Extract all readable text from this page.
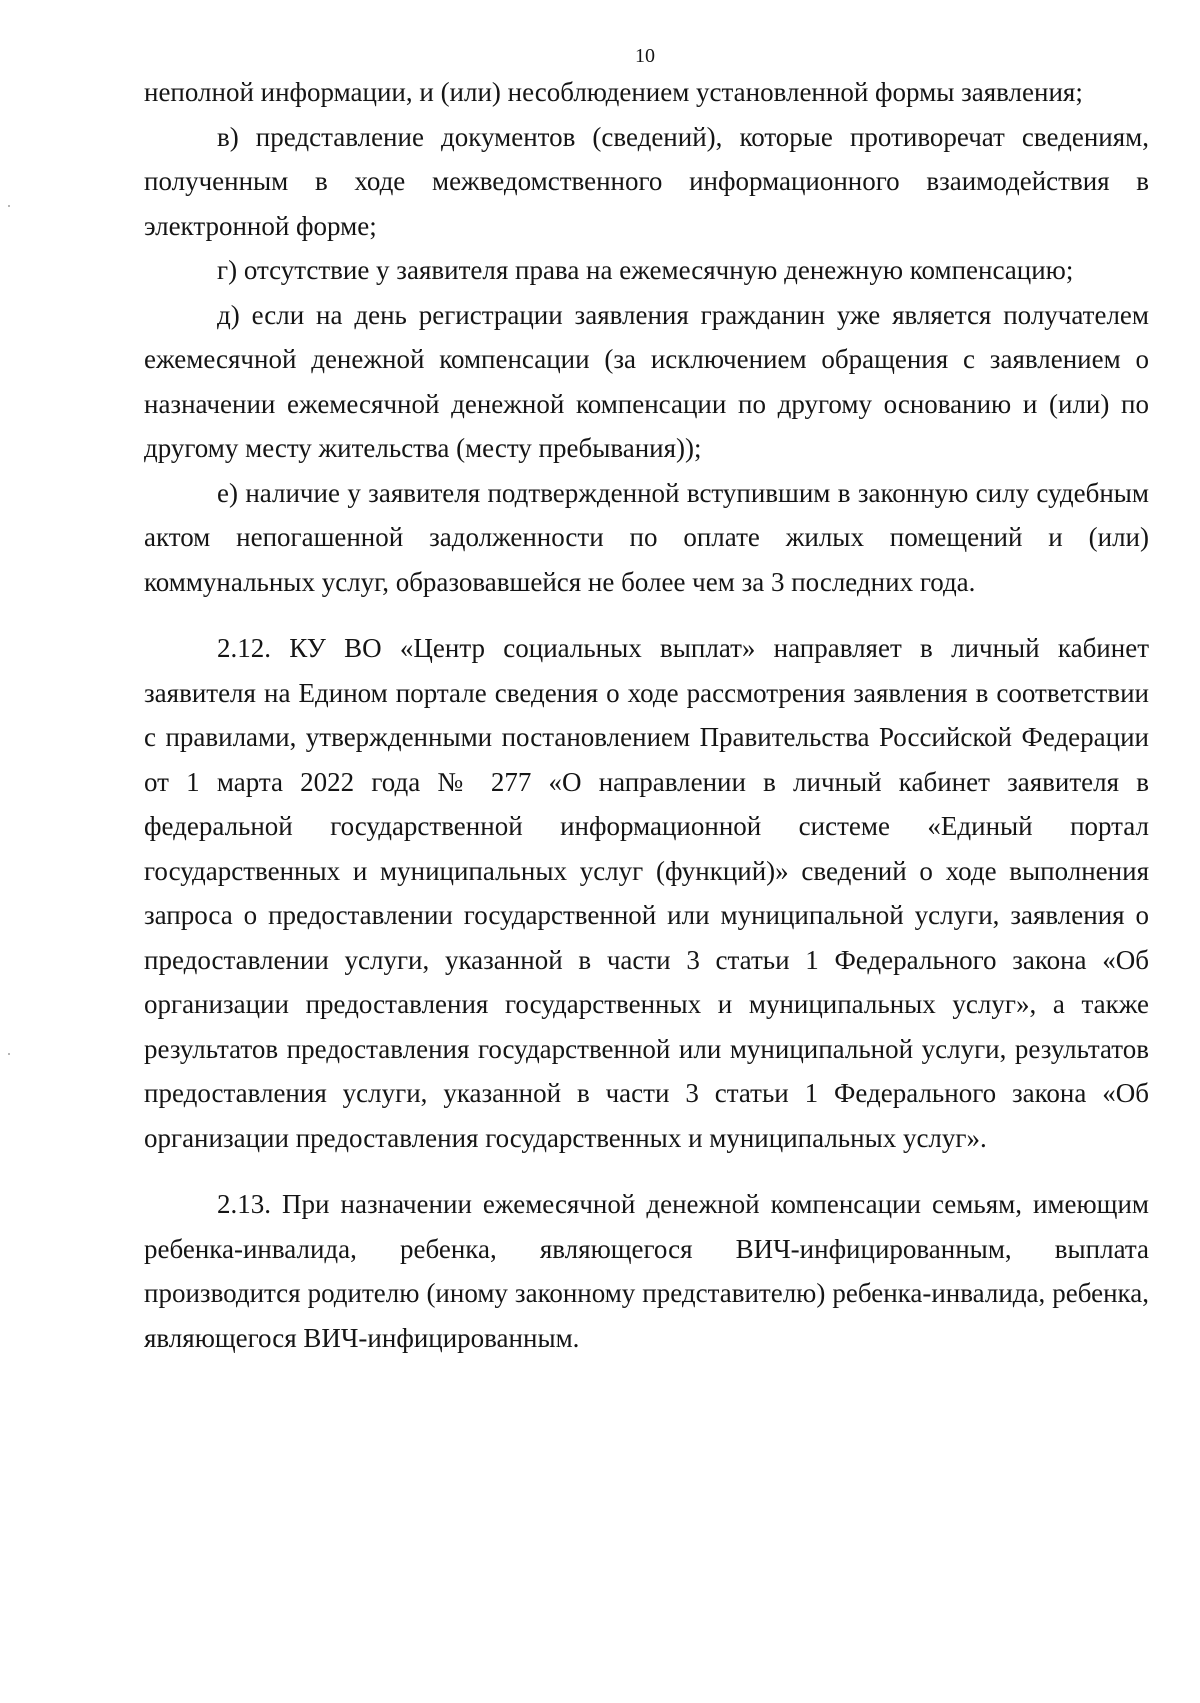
10

неполной информации, и (или) несоблюдением установленной формы заявления;

в) представление документов (сведений), которые противоречат сведениям, полученным в ходе межведомственного информационного взаимодействия в электронной форме;

г) отсутствие у заявителя права на ежемесячную денежную компенсацию;

д) если на день регистрации заявления гражданин уже является получателем ежемесячной денежной компенсации (за исключением обращения с заявлением о назначении ежемесячной денежной компенсации по другому основанию и (или) по другому месту жительства (месту пребывания));

е) наличие у заявителя подтвержденной вступившим в законную силу судебным актом непогашенной задолженности по оплате жилых помещений и (или) коммунальных услуг, образовавшейся не более чем за 3 последних года.

2.12. КУ ВО «Центр социальных выплат» направляет в личный кабинет заявителя на Едином портале сведения о ходе рассмотрения заявления в соответствии с правилами, утвержденными постановлением Правительства Российской Федерации от 1 марта 2022 года № 277 «О направлении в личный кабинет заявителя в федеральной государственной информационной системе «Единый портал государственных и муниципальных услуг (функций)» сведений о ходе выполнения запроса о предоставлении государственной или муниципальной услуги, заявления о предоставлении услуги, указанной в части 3 статьи 1 Федерального закона «Об организации предоставления государственных и муниципальных услуг», а также результатов предоставления государственной или муниципальной услуги, результатов предоставления услуги, указанной в части 3 статьи 1 Федерального закона «Об организации предоставления государственных и муниципальных услуг».

2.13. При назначении ежемесячной денежной компенсации семьям, имеющим ребенка-инвалида, ребенка, являющегося ВИЧ-инфицированным, выплата производится родителю (иному законному представителю) ребенка-инвалида, ребенка, являющегося ВИЧ-инфицированным.
